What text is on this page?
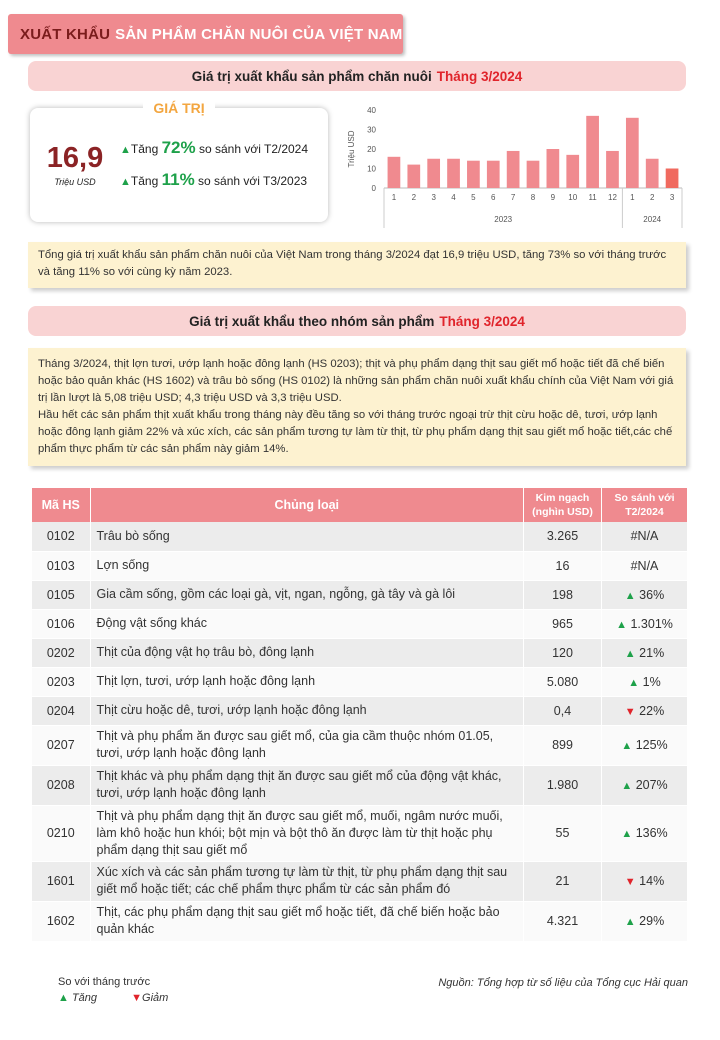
XUẤT KHẨU SẢN PHẨM CHĂN NUÔI CỦA VIỆT NAM
Giá trị xuất khẩu sản phẩm chăn nuôi Tháng 3/2024
GIÁ TRỊ
16,9
Triệu USD
▲Tăng 72% so sánh với T2/2024
▲Tăng 11% so sánh với T3/2023
0
10
20
30
40
Triệu USD
1 2 3 4 5 6 7 8 9 10 11 12 1 2 3
2023	2024

Tổng giá trị xuất khẩu sản phẩm chăn nuôi của Việt Nam trong tháng 3/2024 đạt 16,9 triệu USD, tăng 73% so với tháng trước và tăng 11% so với cùng kỳ năm 2023.

Giá trị xuất khẩu theo nhóm sản phẩm Tháng 3/2024

Tháng 3/2024, thịt lợn tươi, ướp lạnh hoặc đông lạnh (HS 0203); thịt và phụ phẩm dạng thịt sau giết mổ hoặc tiết đã chế biến hoặc bảo quản khác (HS 1602) và trâu bò sống (HS 0102) là những sản phẩm chăn nuôi xuất khẩu chính của Việt Nam với giá trị lần lượt là 5,08 triệu USD; 4,3 triệu USD và 3,3 triệu USD.

Hầu hết các sản phẩm thịt xuất khẩu trong tháng này đều tăng so với tháng trước ngoại trừ thịt cừu hoặc dê, tươi, ướp lạnh hoặc đông lạnh giảm 22% và xúc xích, các sản phẩm tương tự làm từ thịt, từ phụ phẩm dạng thịt sau giết mổ hoặc tiết,các chế phẩm thực phẩm từ các sản phẩm này giảm 14%.

Mã HS	Chủng loại	Kim ngạch (nghìn USD)	So sánh với T2/2024
0102	Trâu bò sống	3.265	#N/A
0103	Lợn sống	16	#N/A
0105	Gia cầm sống, gồm các loại gà, vịt, ngan, ngỗng, gà tây và gà lôi	198	▲ 36%
0106	Động vật sống khác	965	▲ 1.301%
0202	Thịt của động vật họ trâu bò, đông lạnh	120	▲ 21%
0203	Thịt lợn, tươi, ướp lạnh hoặc đông lạnh	5.080	▲ 1%
0204	Thịt cừu hoặc dê, tươi, ướp lạnh hoặc đông lạnh	0,4	▼ 22%
0207	Thịt và phụ phẩm ăn được sau giết mổ, của gia cầm thuộc nhóm 01.05, tươi, ướp lạnh hoặc đông lạnh	899	▲ 125%
0208	Thịt khác và phụ phẩm dạng thịt ăn được sau giết mổ của động vật khác, tươi, ướp lạnh hoặc đông lạnh	1.980	▲ 207%
0210	Thịt và phụ phẩm dạng thịt ăn được sau giết mổ, muối, ngâm nước muối, làm khô hoặc hun khói; bột mịn và bột thô ăn được làm từ thịt hoặc phụ phẩm dạng thịt sau giết mổ	55	▲ 136%
1601	Xúc xích và các sản phẩm tương tự làm từ thịt, từ phụ phẩm dạng thịt sau giết mổ hoặc tiết; các chế phẩm thực phẩm từ các sản phẩm đó	21	▼ 14%
1602	Thịt, các phụ phẩm dạng thịt sau giết mổ hoặc tiết, đã chế biến hoặc bảo quản khác	4.321	▲ 29%
So với tháng trước
▲ Tăng	▼Giảm
Nguồn: Tổng hợp từ số liệu của Tổng cục Hải quan
